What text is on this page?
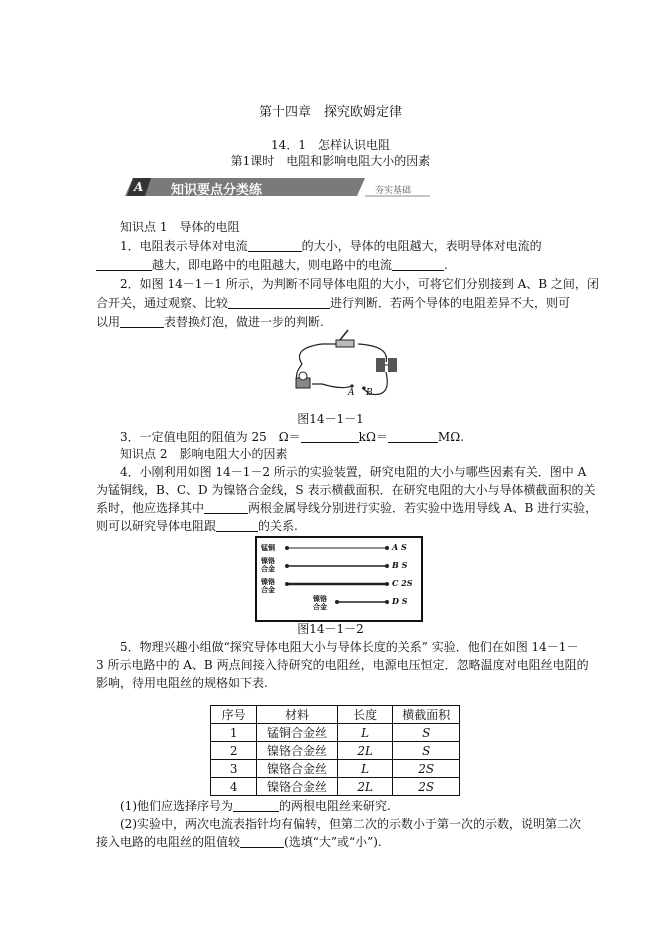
第十四章　探究欧姆定律
14．1　怎样认识电阻
第1课时　电阻和影响电阻大小的因素
A 知识要点分类练	夯实基础
知识点 1　导体的电阻
1．电阻表示导体对电流	的大小，导体的电阻越大，表明导体对电流的
越大，即电路中的电阻越大，则电路中的电流	.
2．如图 14－1－1 所示，为判断不同导体电阻的大小，可将它们分别接到 A、B 之间，闭
合开关，通过观察、比较	进行判断．若两个导体的电阻差异不大，则可
以用	表替换灯泡，做进一步的判断.
A B
图14－1－1
3．一定值电阻的阻值为 25　Ω＝	kΩ＝	MΩ.
知识点 2　影响电阻大小的因素
4．小刚利用如图 14－1－2 所示的实验装置，研究电阻的大小与哪些因素有关．图中 A
为锰铜线，B、C、D 为镍铬合金线，S 表示横截面积．在研究电阻的大小与导体横截面积的关
系时，他应选择其中	两根金属导线分别进行实验．若实验中选用导线 A、B 进行实验，
则可以研究导体电阻跟	的关系.
锰铜
镍铬合金
镍铬合金
镍铬合金
A S
B S
C 2S
D S
图14－1－2
5．物理兴趣小组做“探究导体电阻大小与导体长度的关系” 实验．他们在如图 14－1－
3 所示电路中的 A、B 两点间接入待研究的电阻丝，电源电压恒定．忽略温度对电阻丝电阻的
影响，待用电阻丝的规格如下表.
序号	材料	长度	横截面积
1	锰铜合金丝	L	S
2	镍铬合金丝	2L	S
3	镍铬合金丝	L	2S
4	镍铬合金丝	2L	2S
(1)他们应选择序号为	的两根电阻丝来研究.
(2)实验中，两次电流表指针均有偏转，但第二次的示数小于第一次的示数，说明第二次
接入电路的电阻丝的阻值较	(选填“大”或“小”).
